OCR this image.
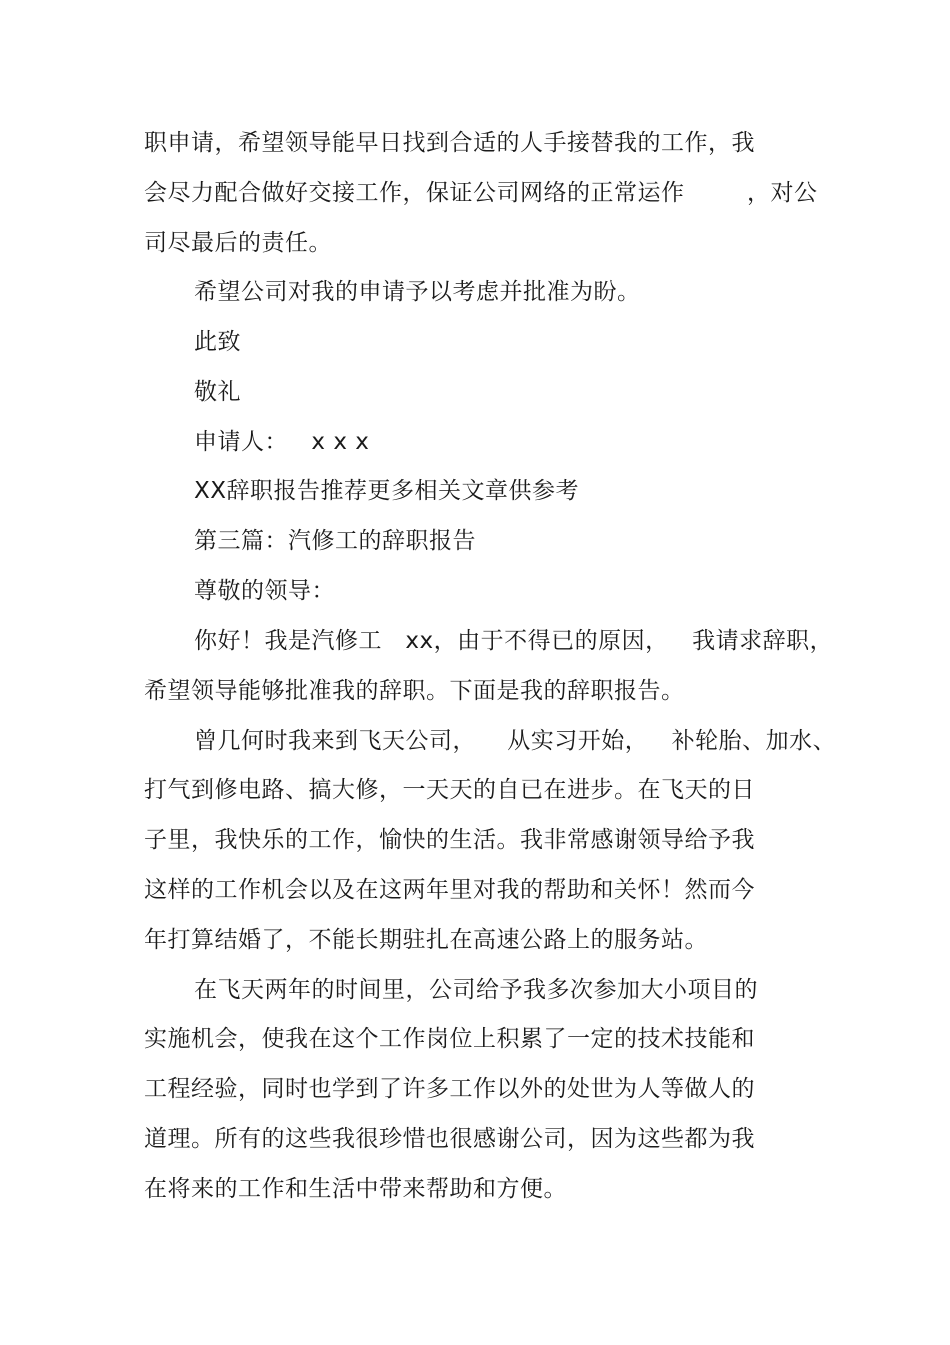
职申请，希望领导能早日找到合适的人手接替我的工作，我
会尽力配合做好交接工作，保证公司网络的正常运作        ，对公
司尽最后的责任。
希望公司对我的申请予以考虑并批准为盼。
此致
敬礼
申请人：   x x x
XX辞职报告推荐更多相关文章供参考
第三篇：汽修工的辞职报告
尊敬的领导：
你好！我是汽修工   xx，由于不得已的原因，   我请求辞职，
希望领导能够批准我的辞职。下面是我的辞职报告。
曾几何时我来到飞天公司，    从实习开始，   补轮胎、加水、
打气到修电路、搞大修，一天天的自已在进步。在飞天的日
子里，我快乐的工作，愉快的生活。我非常感谢领导给予我
这样的工作机会以及在这两年里对我的帮助和关怀！然而今
年打算结婚了，不能长期驻扎在高速公路上的服务站。
在飞天两年的时间里，公司给予我多次参加大小项目的
实施机会，使我在这个工作岗位上积累了一定的技术技能和
工程经验，同时也学到了许多工作以外的处世为人等做人的
道理。所有的这些我很珍惜也很感谢公司，因为这些都为我
在将来的工作和生活中带来帮助和方便。
